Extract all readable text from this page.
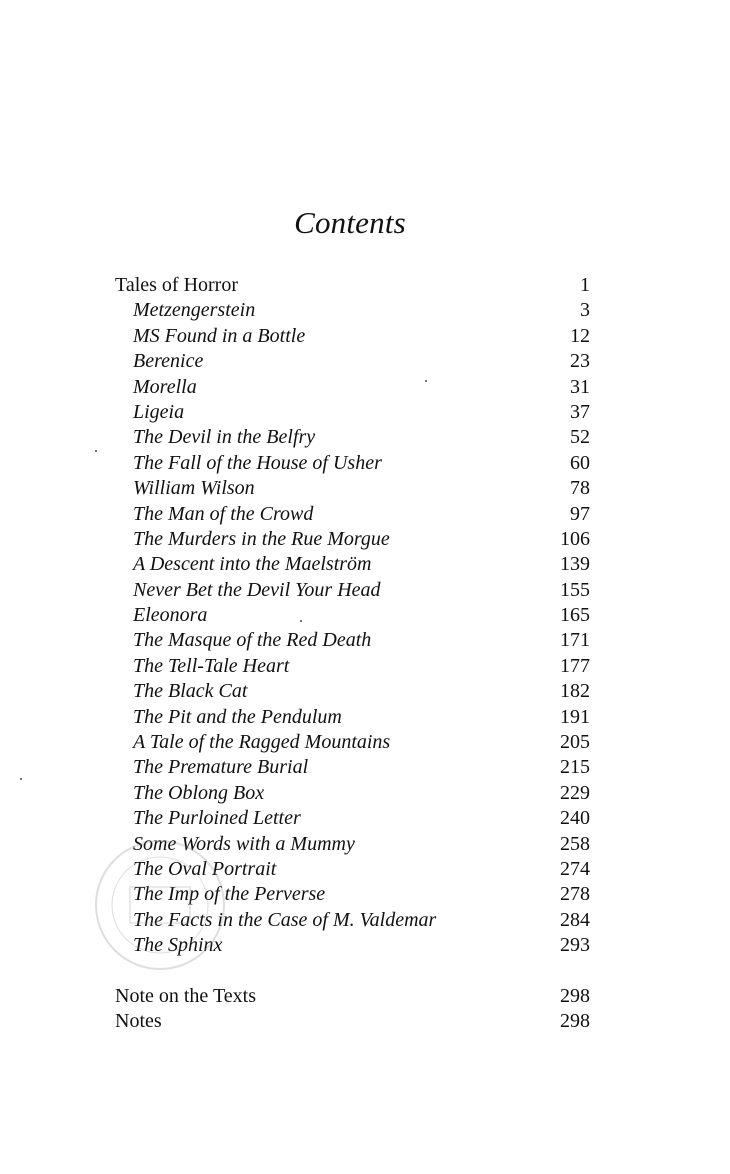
Contents
Tales of Horror	1
Metzengerstein	3
MS Found in a Bottle	12
Berenice	23
Morella	31
Ligeia	37
The Devil in the Belfry	52
The Fall of the House of Usher	60
William Wilson	78
The Man of the Crowd	97
The Murders in the Rue Morgue	106
A Descent into the Maelström	139
Never Bet the Devil Your Head	155
Eleonora	165
The Masque of the Red Death	171
The Tell-Tale Heart	177
The Black Cat	182
The Pit and the Pendulum	191
A Tale of the Ragged Mountains	205
The Premature Burial	215
The Oblong Box	229
The Purloined Letter	240
Some Words with a Mummy	258
The Oval Portrait	274
The Imp of the Perverse	278
The Facts in the Case of M. Valdemar	284
The Sphinx	293
Note on the Texts	298
Notes	298
